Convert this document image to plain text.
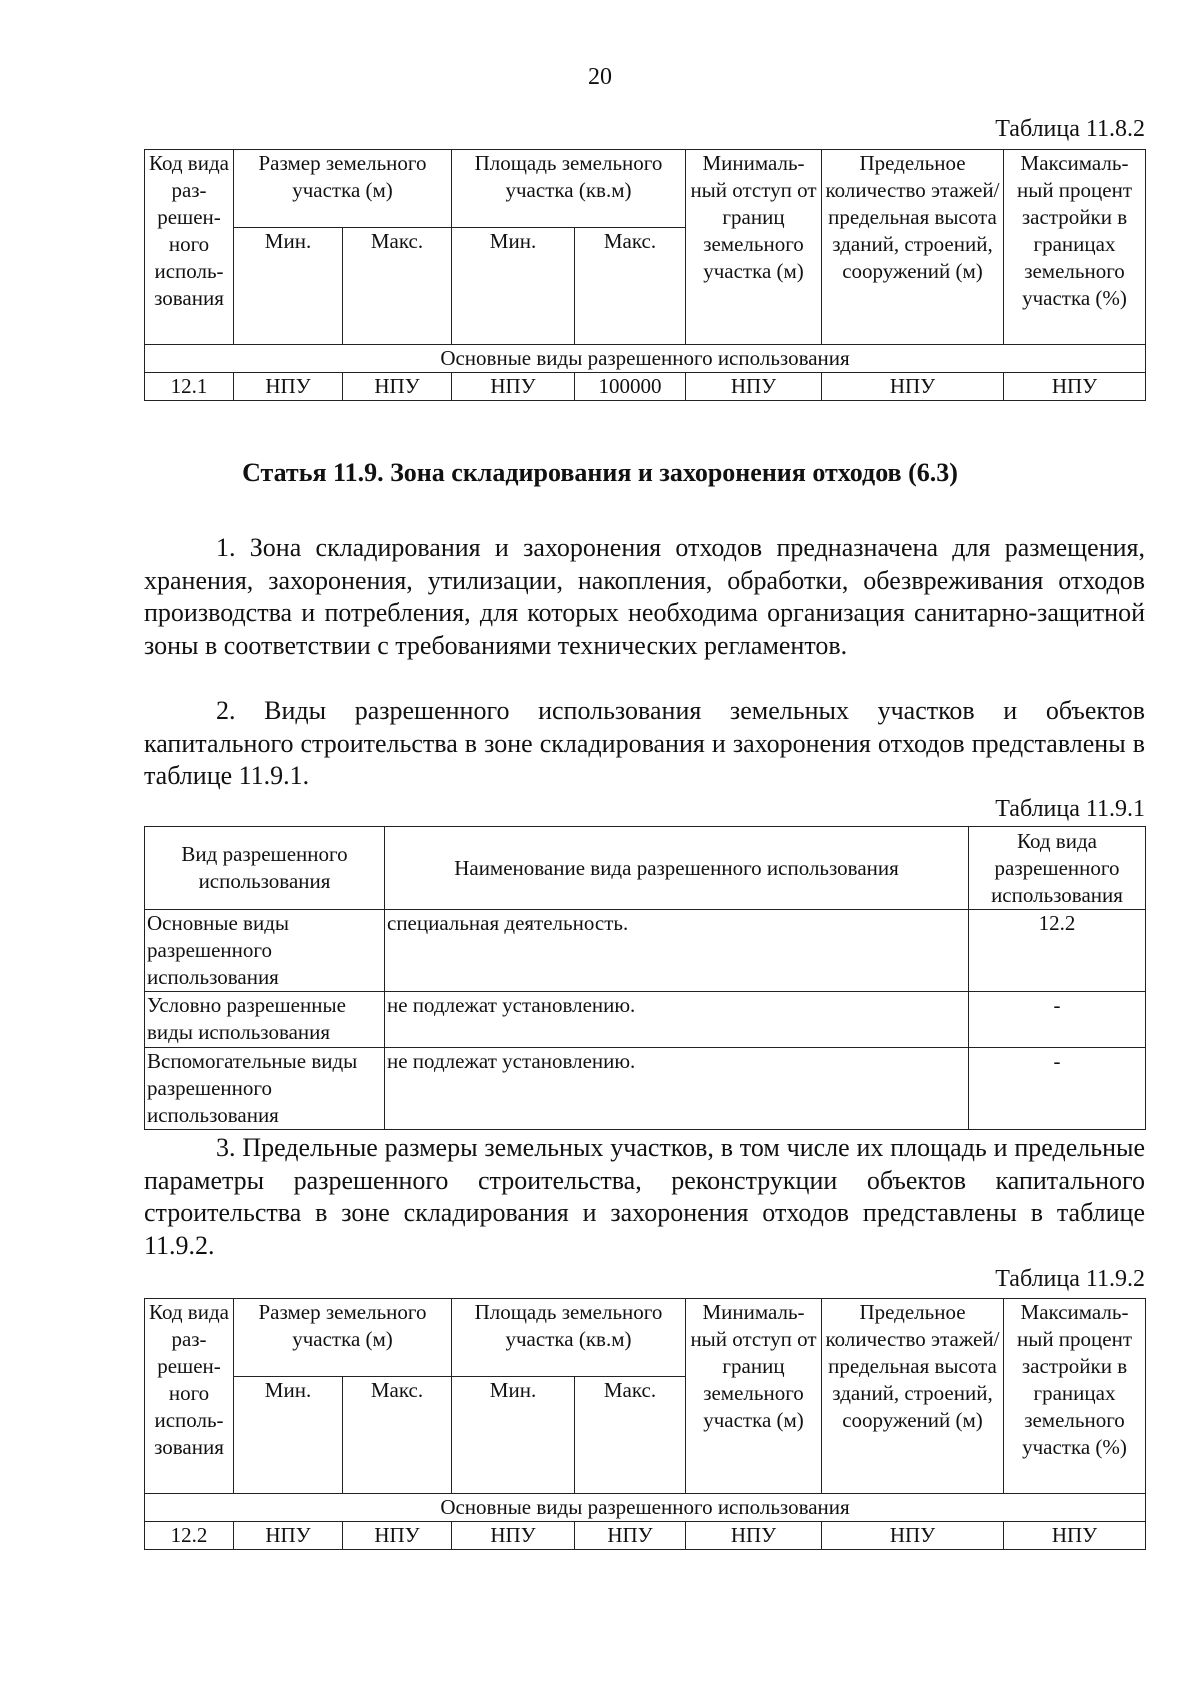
20
Таблица 11.8.2
Код вида раз-решен-ного исполь-зования	Размер земельного участка (м)		Площадь земельного участка (кв.м)		Минималь-ный отступ от границ земельного участка (м)	Предельное количество этажей/ предельная высота зданий, строений, сооружений (м)	Максималь-ный процент застройки в границах земельного участка (%)
	Мин.	Макс.	Мин.	Макс.			
Основные виды разрешенного использования							
12.1	НПУ	НПУ	НПУ	100000	НПУ	НПУ	НПУ
Статья 11.9. Зона складирования и захоронения отходов (6.3)

1. Зона складирования и захоронения отходов предназначена для размещения, хранения, захоронения, утилизации, накопления, обработки, обезвреживания отходов производства и потребления, для которых необходима организация санитарно-защитной зоны в соответствии с требованиями технических регламентов.

2. Виды разрешенного использования земельных участков и объектов капитального строительства в зоне складирования и захоронения отходов представлены в таблице 11.9.1.

Таблица 11.9.1
Вид разрешенного использования	Наименование вида разрешенного использования	Код вида разрешенного использования
Основные виды разрешенного использования	специальная деятельность.	12.2
Условно разрешенные виды использования	не подлежат установлению.	-
Вспомогательные виды разрешенного использования	не подлежат установлению.	-

3. Предельные размеры земельных участков, в том числе их площадь и предельные параметры разрешенного строительства, реконструкции объектов капитального строительства в зоне складирования и захоронения отходов представлены в таблице 11.9.2.

Таблица 11.9.2
Код вида раз-решен-ного исполь-зования	Размер земельного участка (м)		Площадь земельного участка (кв.м)		Минималь-ный отступ от границ земельного участка (м)	Предельное количество этажей/ предельная высота зданий, строений, сооружений (м)	Максималь-ный процент застройки в границах земельного участка (%)
	Мин.	Макс.	Мин.	Макс.			
Основные виды разрешенного использования							
12.2	НПУ	НПУ	НПУ	НПУ	НПУ	НПУ	НПУ
